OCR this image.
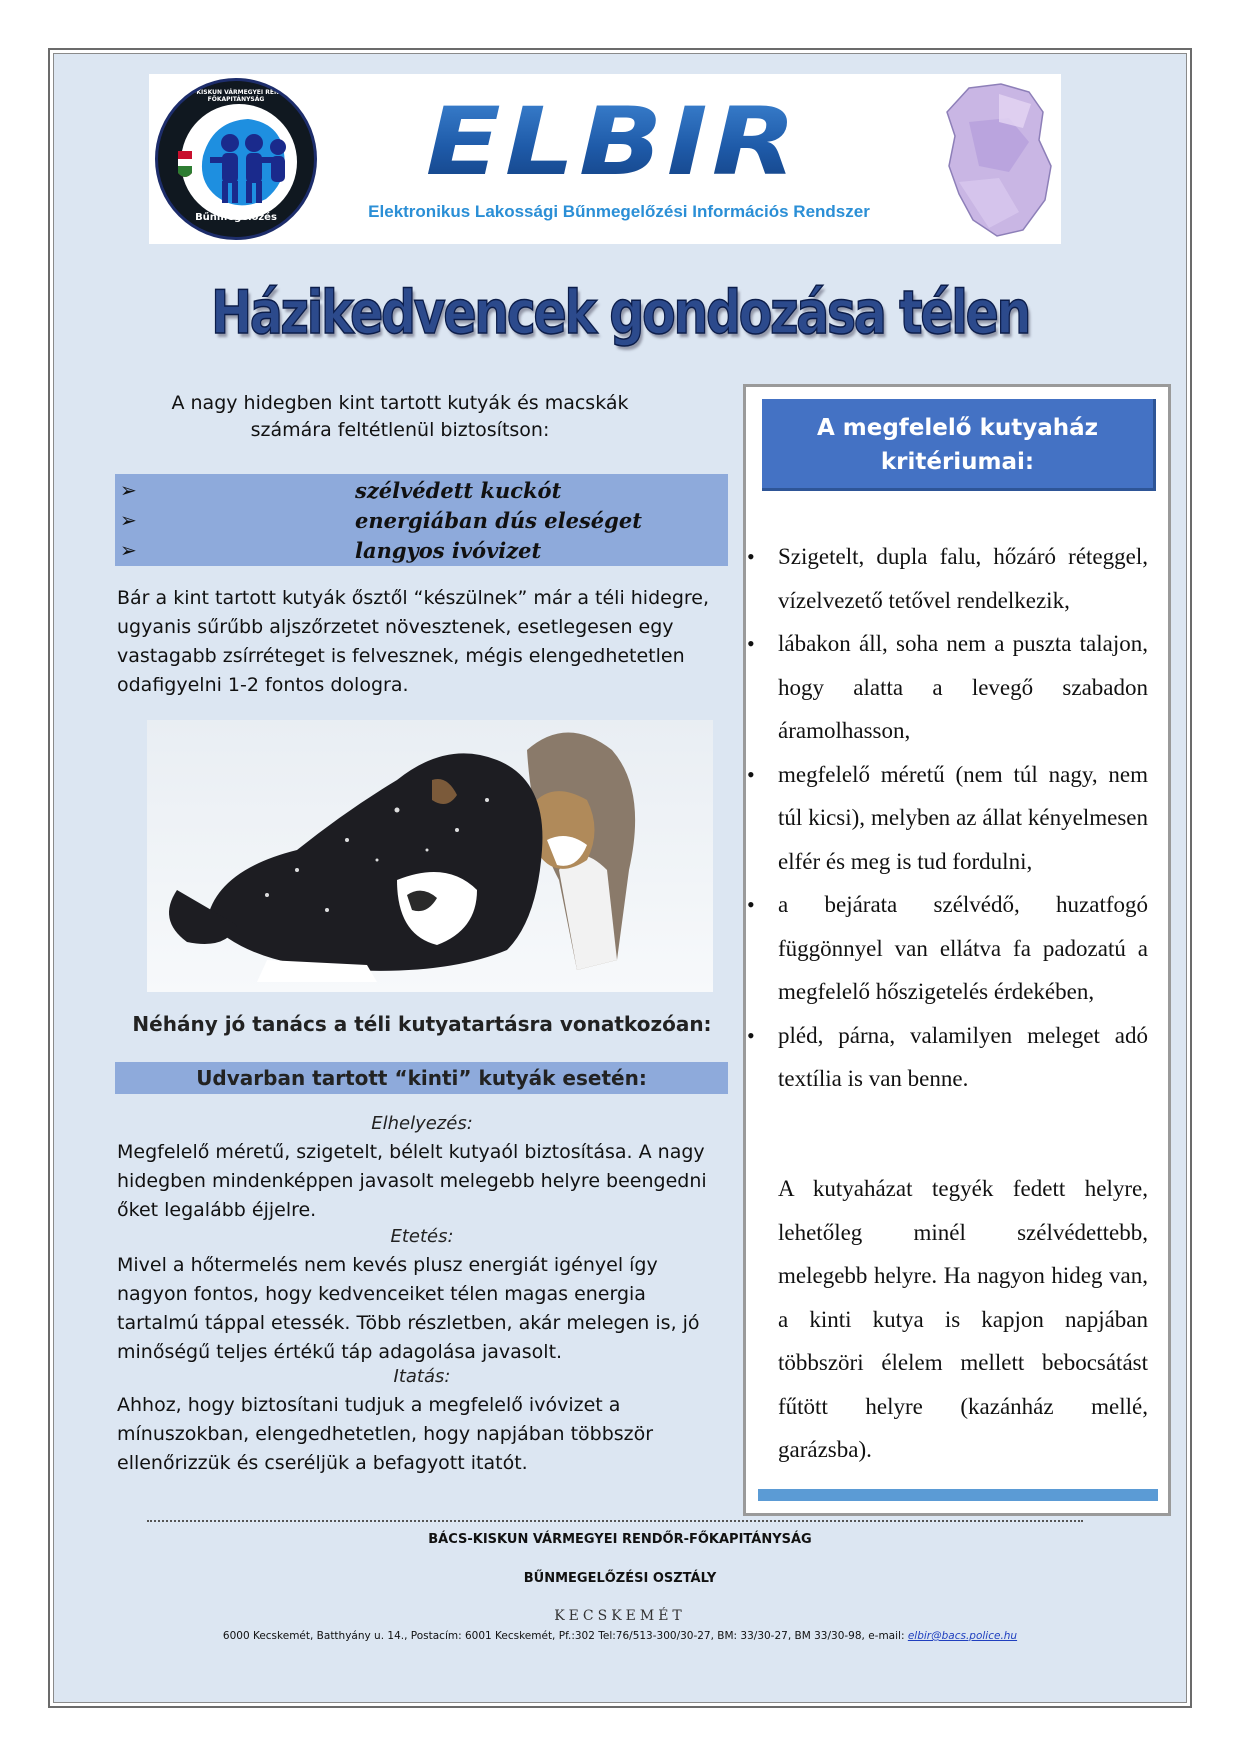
BÁCS-KISKUN VÁRMEGYEI RENDŐR-FŐKAPITÁNYSÁG
Bűnmegelőzés
ELBIR
Elektronikus Lakossági Bűnmegelőzési Információs Rendszer
Házikedvencek gondozása télen
A nagy hidegben kint tartott kutyák és macskák számára feltétlenül biztosítson:
➢	szélvédett kuckót
➢	energiában dús eleséget
➢	langyos ivóvizet
Bár a kint tartott kutyák ősztől “készülnek” már a téli hidegre, ugyanis sűrűbb aljszőrzetet növesztenek, esetlegesen egy vastagabb zsírréteget is felvesznek, mégis elengedhetetlen odafigyelni 1-2 fontos dologra.
Néhány jó tanács a téli kutyatartásra vonatkozóan:
Udvarban tartott “kinti” kutyák esetén:
Elhelyezés:
Megfelelő méretű, szigetelt, bélelt kutyaól biztosítása. A nagy hidegben mindenképpen javasolt melegebb helyre beengedni őket legalább éjjelre.
Etetés:
Mivel a hőtermelés nem kevés plusz energiát igényel így nagyon fontos, hogy kedvenceiket télen magas energia tartalmú táppal etessék. Több részletben, akár melegen is, jó minőségű teljes értékű táp adagolása javasolt.
Itatás:
Ahhoz, hogy biztosítani tudjuk a megfelelő ivóvizet a mínuszokban, elengedhetetlen, hogy napjában többször ellenőrizzük és cseréljük a befagyott itatót.
A megfelelő kutyaház kritériumai:
• Szigetelt, dupla falu, hőzáró réteggel, vízelvezető tetővel rendelkezik,
• lábakon áll, soha nem a puszta talajon, hogy alatta a levegő szabadon áramolhasson,
• megfelelő méretű (nem túl nagy, nem túl kicsi), melyben az állat kényelmesen elfér és meg is tud fordulni,
• a bejárata szélvédő, huzatfogó függönnyel van ellátva fa padozatú a megfelelő hőszigetelés érdekében,
• pléd, párna, valamilyen meleget adó textília is van benne.
A kutyaházat tegyék fedett helyre, lehetőleg minél szélvédettebb, melegebb helyre. Ha nagyon hideg van, a kinti kutya is kapjon napjában többszöri élelem mellett bebocsátást fűtött helyre (kazánház mellé, garázsba).
BÁCS-KISKUN VÁRMEGYEI RENDŐR-FŐKAPITÁNYSÁG
BŰNMEGELŐZÉSI OSZTÁLY
KECSKEMÉT
6000 Kecskemét, Batthyány u. 14., Postacím: 6001 Kecskemét, Pf.:302 Tel:76/513-300/30-27, BM: 33/30-27, BM 33/30-98, e-mail: elbir@bacs.police.hu
